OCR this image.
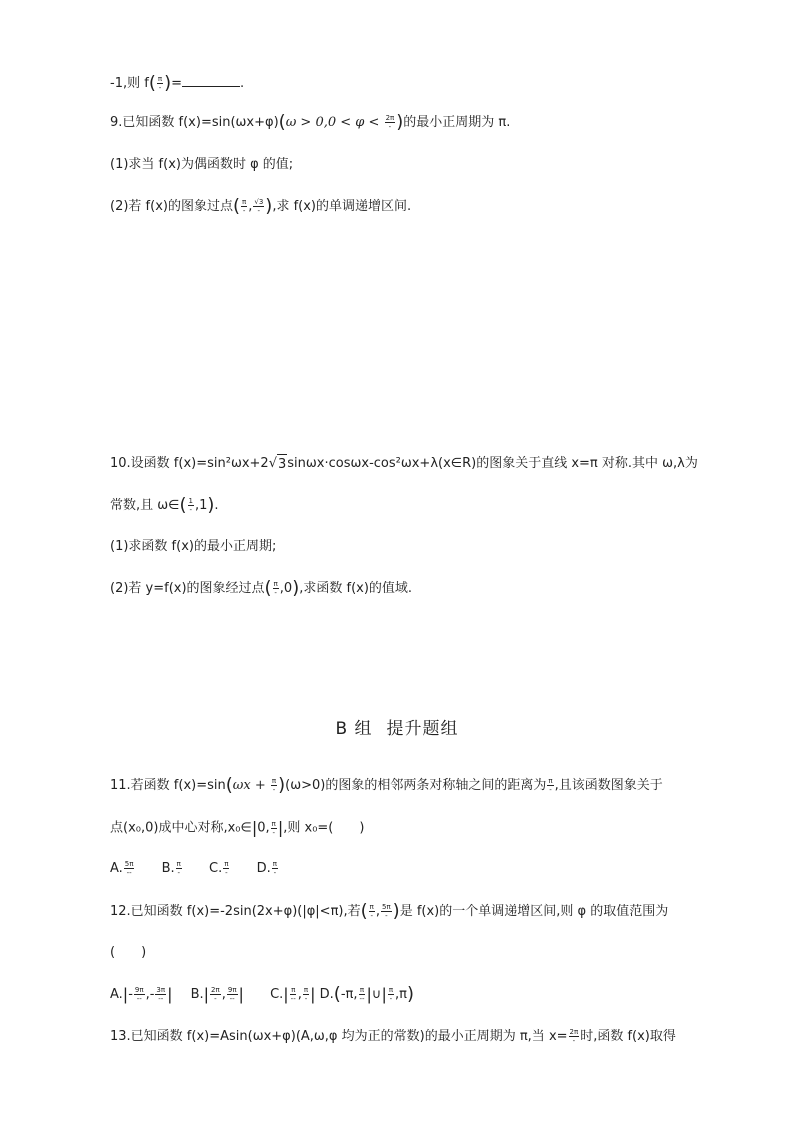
-1,则 $f( \frac{\pi}{-}$ )=	.
9.已知函数 $f(x)=\sin(\omega x+\varphi)(\omega > 0,0 < \varphi < \frac{2\pi}{-}$ )的最小正周期为 π.
(1)求当 f(x)为偶函数时 φ 的值;
(2)若 f(x)的图象过点( $\frac{\pi}{-}$ , $\frac{√3}{-}$ ),求 f(x)的单调递增区间.
10.设函数 f(x)=sin²ωx+2√ 3 sinωx·cosωx-cos²ωx+λ(x∈R)的图象关于直线 x=π 对称.其中 ω,λ为
常数,且 ω∈( $\frac{1}{-} ,1$).
(1)求函数 f(x)的最小正周期;
(2)若 y=f(x)的图象经过点( $\frac{\pi}{-} ,0$),求函数 f(x)的值域.
B 组 提升题组
11.若函数 $f(x)=\sin(\omega x + \frac{\pi}{-} )(\omega>0)$的图象的相邻两条对称轴之间的距离为 $\frac{\pi}{-}$ ,且该函数图象关于
点(x₀,0)成中心对称,x₀∈|0, $\frac{\pi}{-}$ |,则 x₀=(　　)
A. $\frac{5\pi}{--} B$. $\frac{\pi}{-} C$. $\frac{\pi}{-} D$. $\frac{\pi}{-}$
12.已知函数 f(x)=-2sin(2x+φ)(|φ|<π),若( $\frac{\pi}{-}$ , $\frac{5\pi}{-}$ )是 f(x)的一个单调递增区间,则 φ 的取值范围为
(　　)
$A.|- \frac{9\pi}{--}$ ,- $\frac{3\pi}{--}$ | $B.| \frac{2\pi}{-}$ , $\frac{9\pi}{--}$ | $C.| \frac{\pi}{--}$ , $\frac{\pi}{-}$ | D.(-π, $\frac{\pi}{--}$ |∪| $\frac{\pi}{-} ,\pi$)
13.已知函数 f(x)=Asin(ωx+φ)(A,ω,φ 均为正的常数)的最小正周期为 π,当 $x= \frac{2\pi}{-}$ 时,函数 f(x)取得
